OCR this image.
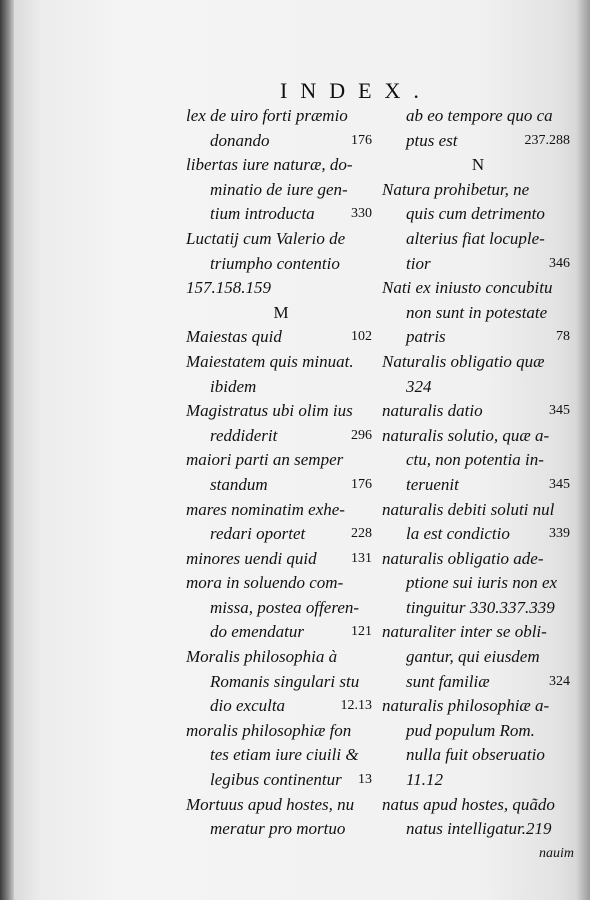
INDEX.
lex de uiro forti præmio
donando	176
libertas iure naturæ, do-
minatio de iure gen-
tium introducta	330
Luctatij cum Valerio de
triumpho contentio
157.158.159
M
Maiestas quid	102
Maiestatem quis minuat.
ibidem
Magistratus ubi olim ius
reddiderit	296
maiori parti an semper
standum	176
mares nominatim exhe-
redari oportet	228
minores uendi quid 131
mora in soluendo com-
missa, postea offeren-
do emendatur	121
Moralis philosophia à
Romanis singulari stu
dio exculta	12.13
moralis philosophiæ fon
tes etiam iure ciuili &
legibus continentur 13
Mortuus apud hostes, nu
meratur pro mortuo
ab eo tempore quo ca
ptus est	237.288
N
Natura prohibetur, ne
quis cum detrimento
alterius fiat locuple-
tior	346
Nati ex iniusto concubitu
non sunt in potestate
patris	78
Naturalis obligatio quæ
324
naturalis datio	345
naturalis solutio, quæ a-
ctu, non potentia in-
teruenit	345
naturalis debiti soluti nul
la est condictio	339
naturalis obligatio ade-
ptione sui iuris non ex
tinguitur 330.337.339
naturaliter inter se obli-
gantur, qui eiusdem
sunt familiæ	324
naturalis philosophiæ a-
pud populum Rom.
nulla fuit obseruatio
11.12
natus apud hostes, quãdo
natus intelligatur.219
nauim
